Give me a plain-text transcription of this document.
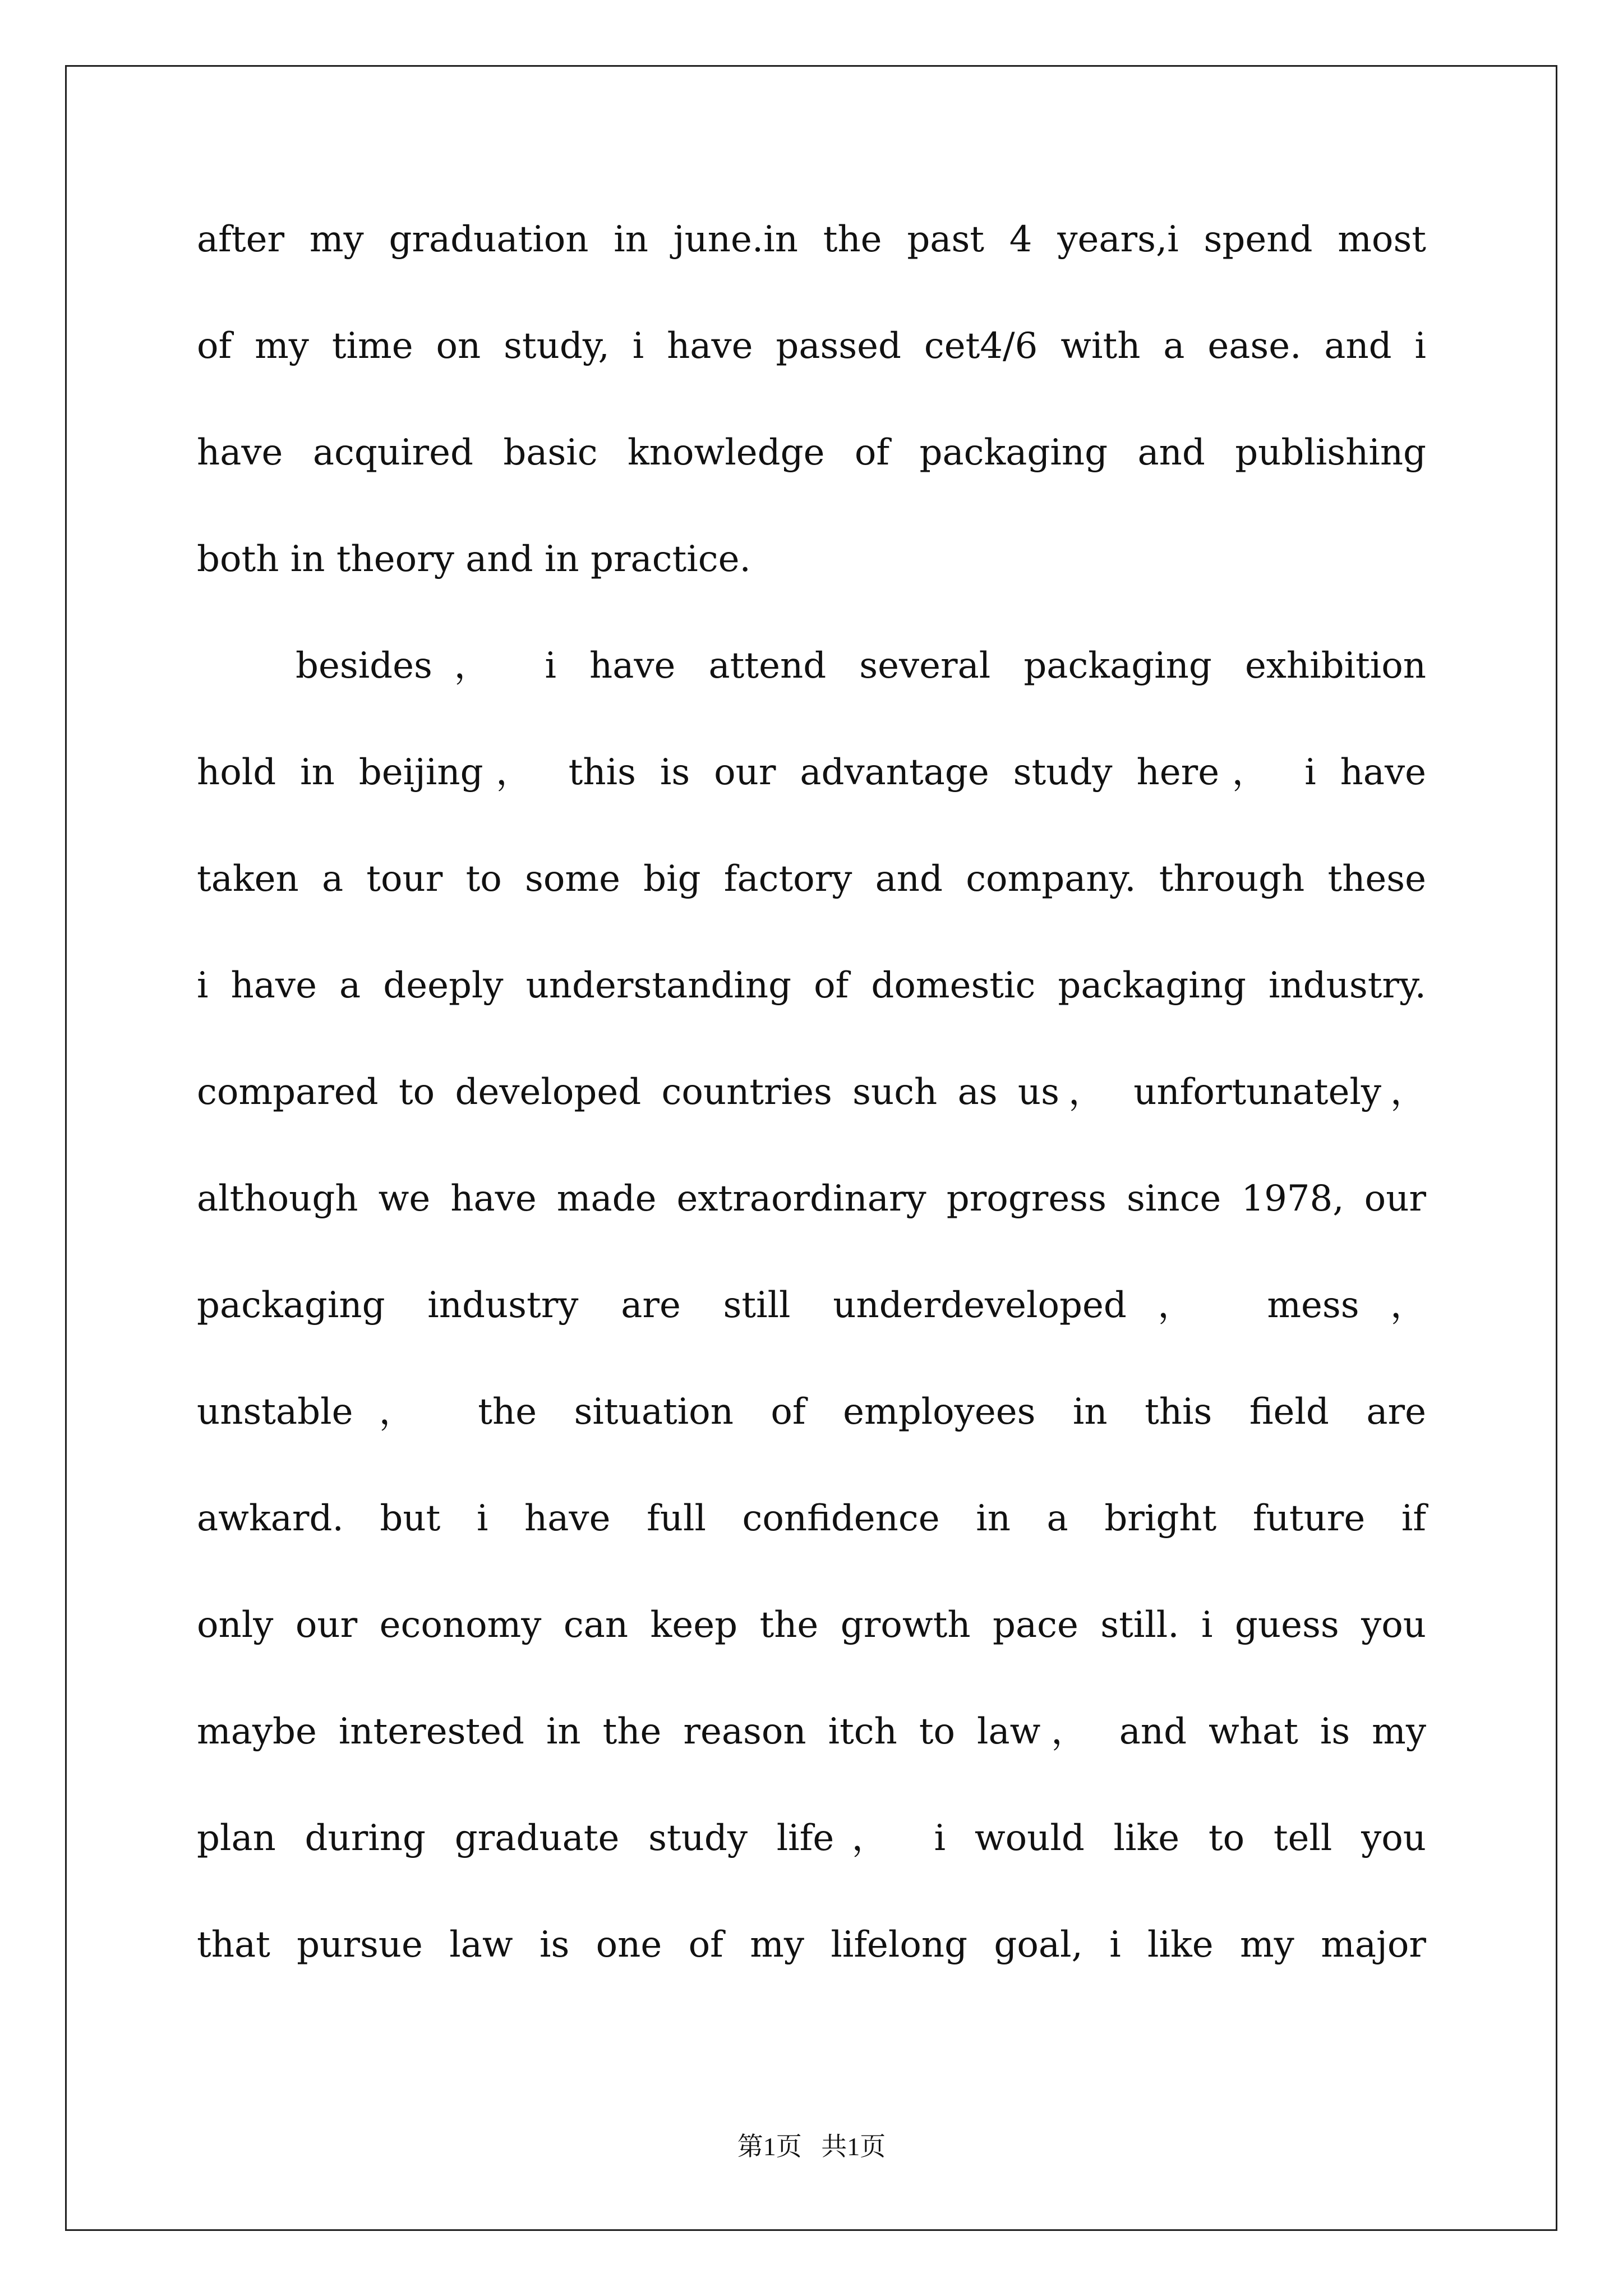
after my graduation in june.in the past 4 years,i spend most
of my time on study, i have passed cet4/6 with a ease. and i
have acquired basic knowledge of packaging and publishing
both in theory and in practice.
besides， i have attend several packaging exhibition
hold in beijing， this is our advantage study here， i have
taken a tour to some big factory and company. through these
i have a deeply understanding of domestic packaging industry.
compared to developed countries such as us， unfortunately，
although we have made extraordinary progress since 1978, our
packaging industry are still underdeveloped， mess，
unstable， the situation of employees in this field are
awkard. but i have full confidence in a bright future if
only our economy can keep the growth pace still. i guess you
maybe interested in the reason itch to law， and what is my
plan during graduate study life， i would like to tell you
that pursue law is one of my lifelong goal, i like my major
第1页   共1页
